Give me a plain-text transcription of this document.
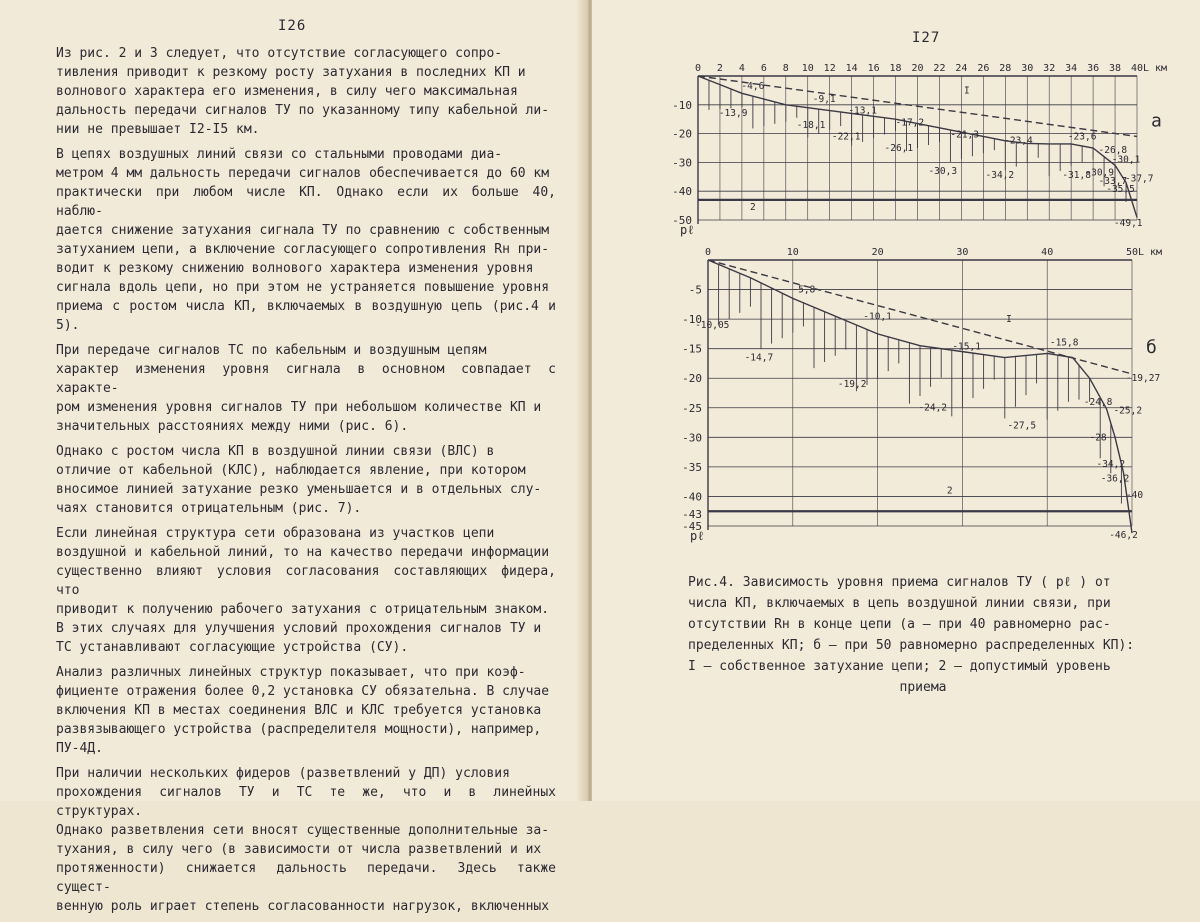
I26

Из рис. 2 и 3 следует, что отсутствие согласующего сопро-
тивления приводит к резкому росту затухания в последних КП и
волнового характера его изменения, в силу чего максимальная
дальность передачи сигналов ТУ по указанному типу кабельной ли-
нии не превышает I2-I5 км.

В цепях воздушных линий связи со стальными проводами диа-
метром 4 мм дальность передачи сигналов обеспечивается до 60 км
практически при любом числе КП. Однако если их больше 40, наблю-
дается снижение затухания сигнала ТУ по сравнению с собственным
затуханием цепи, а включение согласующего сопротивления Rн при-
водит к резкому снижению волнового характера изменения уровня
сигнала вдоль цепи, но при этом не устраняется повышение уровня
приема с ростом числа КП, включаемых в воздушную цепь (рис.4 и 5).

При передаче сигналов ТС по кабельным и воздушным цепям
характер изменения уровня сигнала в основном совпадает с характе-
ром изменения уровня сигналов ТУ при небольшом количестве КП и
значительных расстояниях между ними (рис. 6).

Однако с ростом числа КП в воздушной линии связи (ВЛС) в
отличие от кабельной (КЛС), наблюдается явление, при котором
вносимое линией затухание резко уменьшается и в отдельных слу-
чаях становится отрицательным (рис. 7).

Если линейная структура сети образована из участков цепи
воздушной и кабельной линий, то на качество передачи информации
существенно влияют условия согласования составляющих фидера, что
приводит к получению рабочего затухания с отрицательным знаком.
В этих случаях для улучшения условий прохождения сигналов ТУ и
ТС устанавливают согласующие устройства (СУ).

Анализ различных линейных структур показывает, что при коэф-
фициенте отражения более 0,2 установка СУ обязательна. В случае
включения КП в местах соединения ВЛС и КЛС требуется установка
развязывающего устройства (распределителя мощности), например,
ПУ-4Д.

При наличии нескольких фидеров (разветвлений у ДП) условия
прохождения сигналов ТУ и ТС те же, что и в линейных структурах.
Однако разветвления сети вносят существенные дополнительные за-
тухания, в силу чего (в зависимости от числа разветвлений и их
протяженности) снижается дальность передачи. Здесь также сущест-
венную роль играет степень согласованности нагрузок, включенных

I27
-10
-20
-30
-40
-50
0 2 4 6 8 10 12 14 16 18 20 22 24 26 28 30 32 34 36 38 40 L км
pℓ
а
-4,6
-9,1
-13,1
-13,9
-17,2
-18,1
-21,3
-22,1	-23,4	-23,6
-26,1	-26,8
-30,1
-30,3	-34,2	-31,8
-30,9
-33,7
-35,5
-37,7
-49,1
I
2
-5
-10
-15
-20
-25
-30
-35
-40
-45
-43
0	10	20	30	40	50 L км
pℓ
б
-5,8
-10,1
-10,05
-14,7
-15,1	-15,8
-19,2
-19,27
-24,2
-24,8
-25,2
-27,5
-28
-34,2
-36,2
-40
-46,2
I
2
Рис.4. Зависимость уровня приема сигналов ТУ ( pℓ ) от
числа КП, включаемых в цепь воздушной линии связи, при
отсутствии Rн в конце цепи (а – при 40 равномерно рас-
пределенных КП; б – при 50 равномерно распределенных КП):
I – собственное затухание цепи; 2 – допустимый уровень
приема
